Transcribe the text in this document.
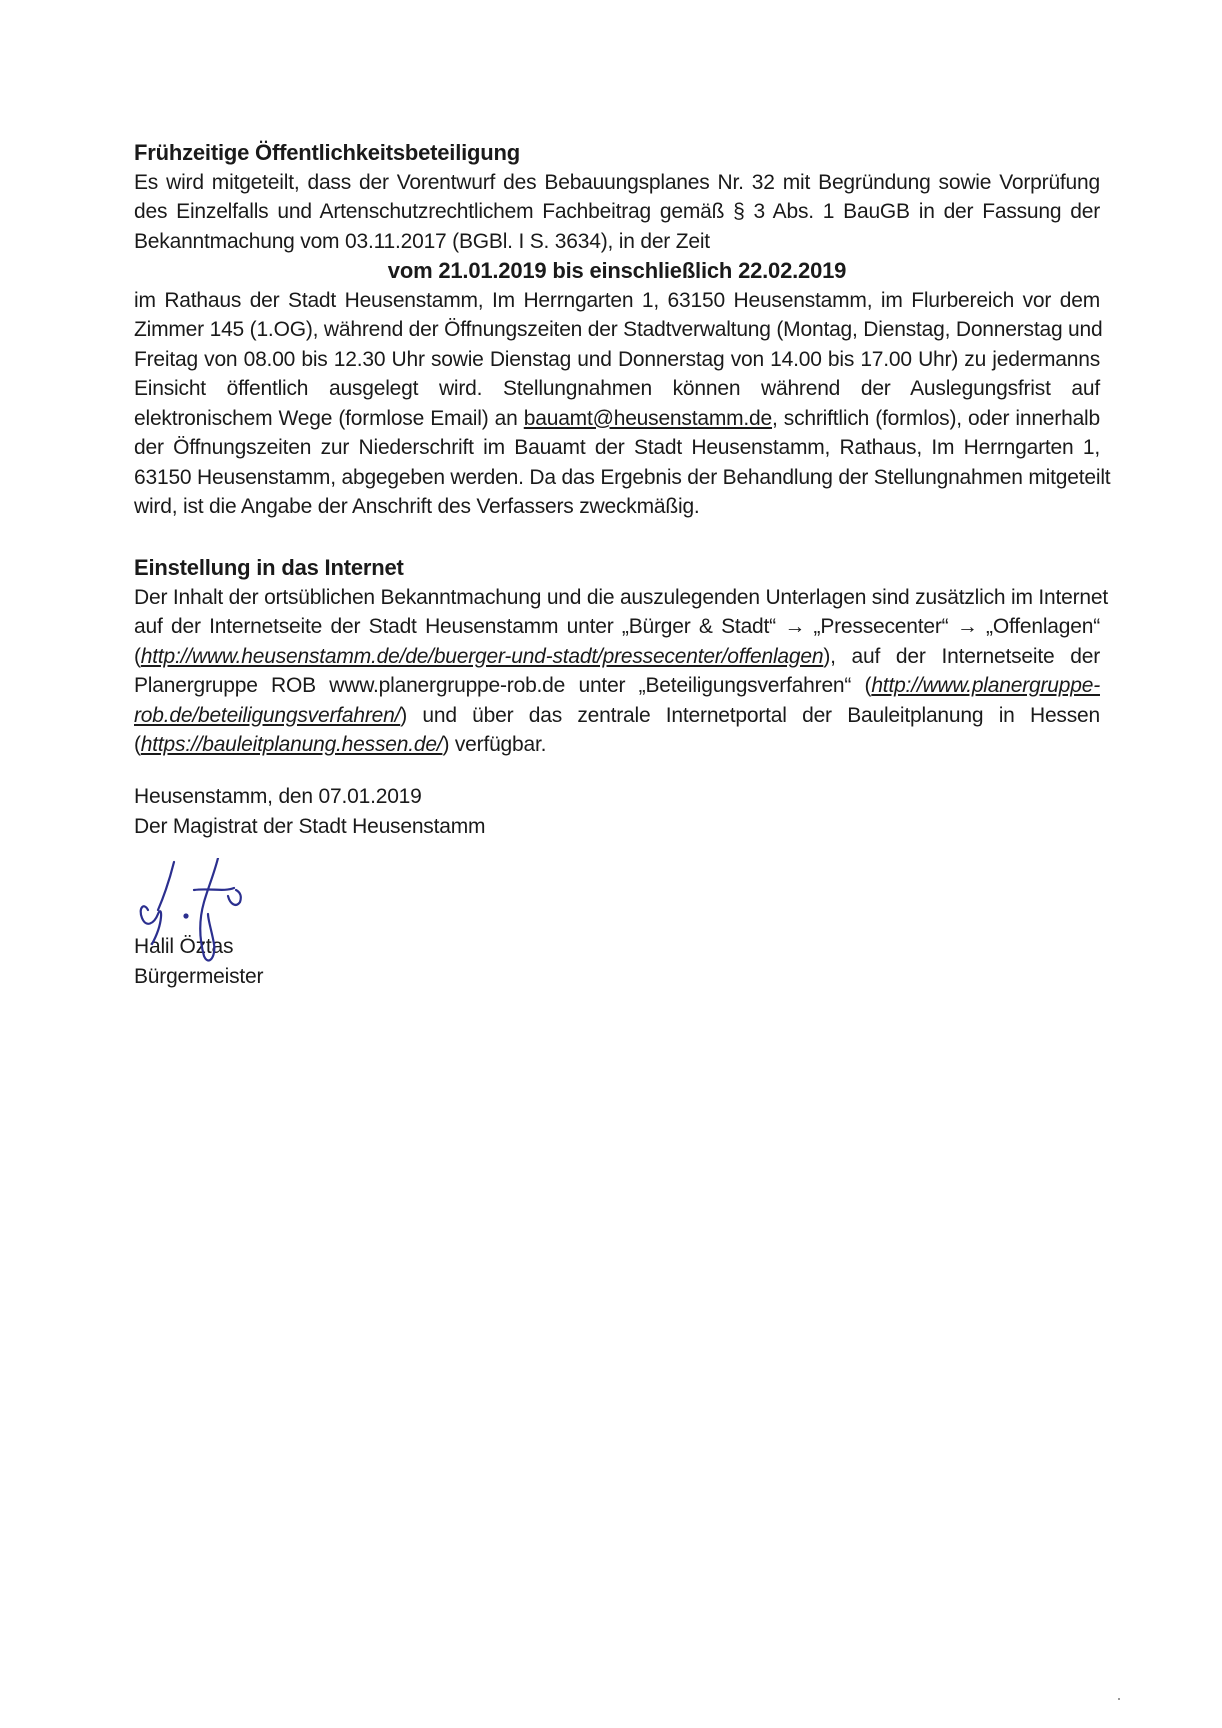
Frühzeitige Öffentlichkeitsbeteiligung
Es wird mitgeteilt, dass der Vorentwurf des Bebauungsplanes Nr. 32 mit Begründung sowie Vorprüfung
des Einzelfalls und Artenschutzrechtlichem Fachbeitrag gemäß § 3 Abs. 1 BauGB in der Fassung der
Bekanntmachung vom 03.11.2017 (BGBl. I S. 3634), in der Zeit
vom 21.01.2019 bis einschließlich 22.02.2019
im Rathaus der Stadt Heusenstamm, Im Herrngarten 1, 63150 Heusenstamm, im Flurbereich vor dem
Zimmer 145 (1.OG), während der Öffnungszeiten der Stadtverwaltung (Montag, Dienstag, Donnerstag und
Freitag von 08.00 bis 12.30 Uhr sowie Dienstag und Donnerstag von 14.00 bis 17.00 Uhr) zu jedermanns
Einsicht öffentlich ausgelegt wird. Stellungnahmen können während der Auslegungsfrist auf
elektronischem Wege (formlose Email) an bauamt@heusenstamm.de, schriftlich (formlos), oder innerhalb
der Öffnungszeiten zur Niederschrift im Bauamt der Stadt Heusenstamm, Rathaus, Im Herrngarten 1,
63150 Heusenstamm, abgegeben werden. Da das Ergebnis der Behandlung der Stellungnahmen mitgeteilt
wird, ist die Angabe der Anschrift des Verfassers zweckmäßig.
Einstellung in das Internet
Der Inhalt der ortsüblichen Bekanntmachung und die auszulegenden Unterlagen sind zusätzlich im Internet
auf der Internetseite der Stadt Heusenstamm unter „Bürger & Stadt“ → „Pressecenter“ → „Offenlagen“
(http://www.heusenstamm.de/de/buerger-und-stadt/pressecenter/offenlagen), auf der Internetseite der
Planergruppe ROB www.planergruppe-rob.de unter „Beteiligungsverfahren“ (http://www.planergruppe-
rob.de/beteiligungsverfahren/) und über das zentrale Internetportal der Bauleitplanung in Hessen
(https://bauleitplanung.hessen.de/) verfügbar.
Heusenstamm, den 07.01.2019
Der Magistrat der Stadt Heusenstamm
Halil Öztas
Bürgermeister
